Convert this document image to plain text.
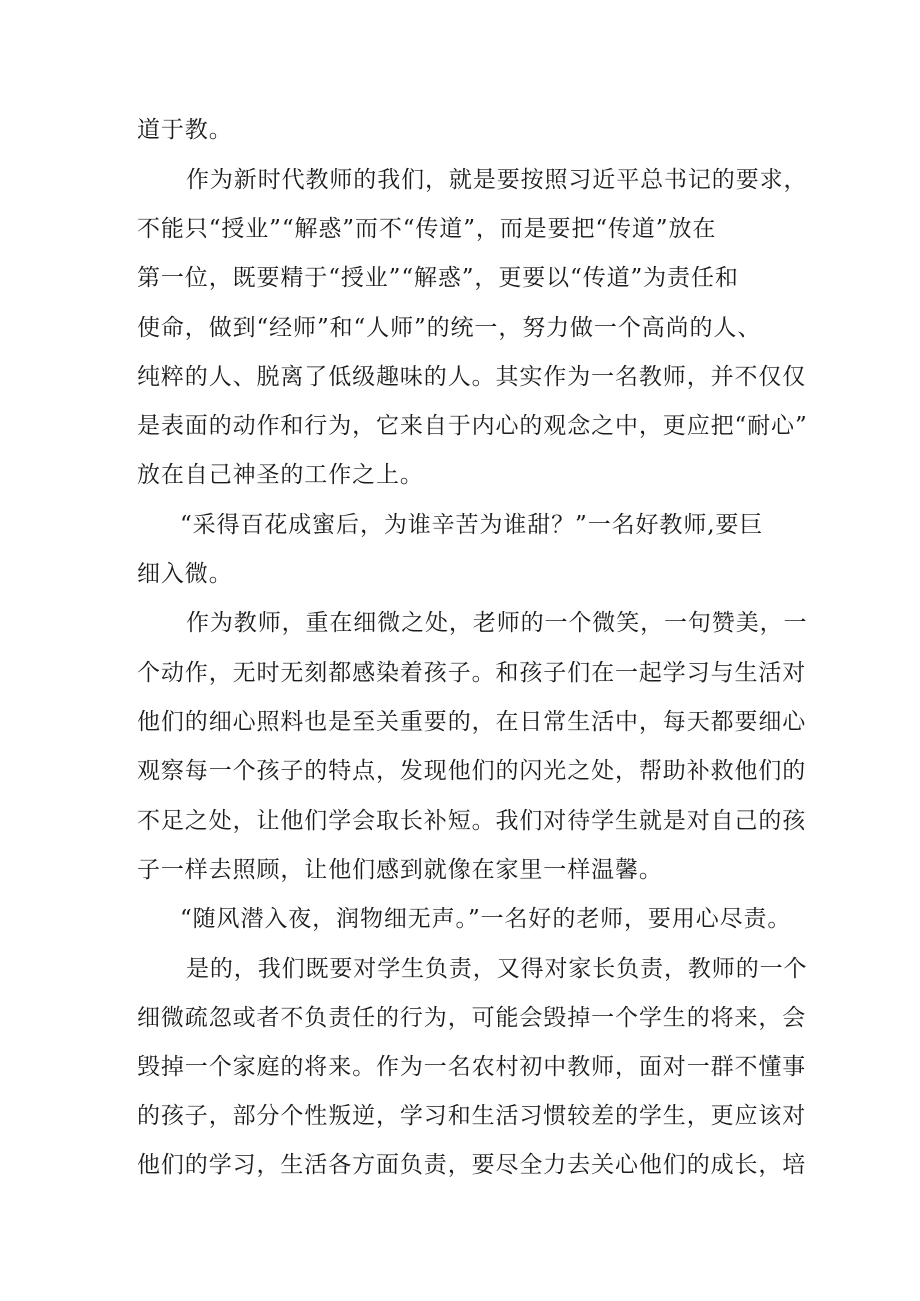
道于教。
作为新时代教师的我们，就是要按照习近平总书记的要求，
不能只“授业”“解惑”而不“传道”，而是要把“传道”放在
第一位，既要精于“授业”“解惑”，更要以“传道”为责任和
使命，做到“经师”和“人师”的统一，努力做一个高尚的人、
纯粹的人、脱离了低级趣味的人。其实作为一名教师，并不仅仅
是表面的动作和行为，它来自于内心的观念之中，更应把“耐心”
放在自己神圣的工作之上。
“采得百花成蜜后，为谁辛苦为谁甜？”一名好教师,要巨
细入微。
作为教师，重在细微之处，老师的一个微笑，一句赞美，一
个动作，无时无刻都感染着孩子。和孩子们在一起学习与生活对
他们的细心照料也是至关重要的，在日常生活中，每天都要细心
观察每一个孩子的特点，发现他们的闪光之处，帮助补救他们的
不足之处，让他们学会取长补短。我们对待学生就是对自己的孩
子一样去照顾，让他们感到就像在家里一样温馨。
“随风潜入夜，润物细无声。”一名好的老师，要用心尽责。
是的，我们既要对学生负责，又得对家长负责，教师的一个
细微疏忽或者不负责任的行为，可能会毁掉一个学生的将来，会
毁掉一个家庭的将来。作为一名农村初中教师，面对一群不懂事
的孩子，部分个性叛逆，学习和生活习惯较差的学生，更应该对
他们的学习，生活各方面负责，要尽全力去关心他们的成长，培
